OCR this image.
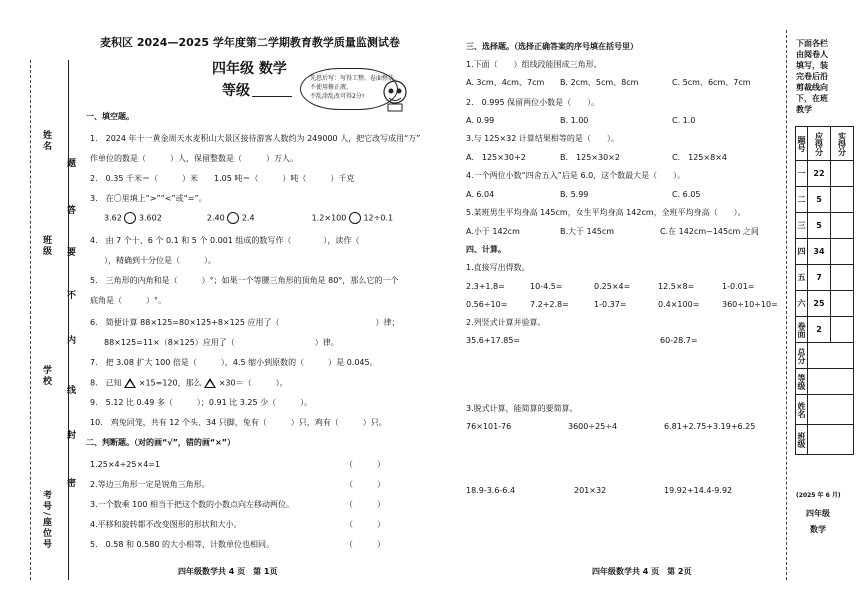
姓名
班级
学校
考号/座位号
题
答
要
不
内
线
封
密
麦积区 2024—2025 学年度第二学期教育教学质量监测试卷
四年级 数学
等级
先思后写：写得工整、卷面整洁，
不使用修正液、
不乱涂乱改可得2分!
一、填空题。
1.　2024 年十一黄金周天水麦积山大景区接待游客人数约为 249000 人，把它改写成用“万”
作单位的数是（　　　）人，保留整数是（　　　）万人。
2.　0.35 千米＝（　　　）米　　1.05 吨＝（　　　）吨（　　　）千克
3.　在〇里填上“>”“<”或“=”。
3.62 3.602	2.40 2.4	1.2×100 12÷0.1
4.　由 7 个十、6 个 0.1 和 5 个 0.001 组成的数写作（　　　　），读作（
），精确到十分位是（　　　）。
5.　三角形的内角和是（　　　）°；如果一个等腰三角形的顶角是 80°，那么它的一个
底角是（　　　）°。
6.　简便计算 88×125=80×125+8×125 应用了（　　　　　　　　　　　　）律；
88×125=11×（8×125）应用了（　　　　　　　　　　）律。
7.　把 3.08 扩大 100 倍是（　　　），4.5 缩小到原数的（　　　）是 0.045。
8.　已知 ×15=120，那么 ×30＝（　　　）。
9.　5.12 比 0.49 多（　　　）；0.91 比 3.25 少（　　　）。
10.　鸡兔同笼，共有 12 个头、34 只脚，兔有（　　　）只，鸡有（　　　）只。
二、判断题。（对的画“√”，错的画“×”）
1.25×4÷25×4=1
2.等边三角形一定是锐角三角形。
3.一个数乘 100 相当于把这个数的小数点向左移动两位。
4.平移和旋转都不改变图形的形状和大小。
5.　0.58 和 0.580 的大小相等，计数单位也相同。
（　　　）
（　　　）
（　　　）
（　　　）
（　　　）
四年级数学共 4 页　第 1页
三、选择题。（选择正确答案的序号填在括号里）
1.下面（　　）组线段能围成三角形。
A. 3cm、4cm、7cm B. 2cm、5cm、8cm	C. 5cm、6cm、7cm
2.　0.995 保留两位小数是（　　）。
A. 0.99	B. 1.00	C. 1.0
3.与 125×32 计算结果相等的是（　　）。
A.　125×30+2	B.　125×30×2	C.　125×8×4
4.一个两位小数“四舍五入”后是 6.0，这个数最大是（　　）。
A. 6.04	B. 5.99	C. 6.05
5.某班男生平均身高 145cm，女生平均身高 142cm，全班平均身高（　　）。
A.小于 142cm	B.大于 145cm	C.在 142cm~145cm 之间
四、计算。
1.直接写出得数。
2.3+1.8=	10-4.5=	0.25×4=	12.5×8=	1-0.01=
0.56÷10=	7.2+2.8=	1-0.37=	0.4×100=	360÷10÷10=
2.列竖式计算并验算。
35.6+17.85=	60-28.7=
3.脱式计算，能简算的要简算。
76×101-76	3600÷25÷4	6.81+2.75+3.19+6.25
18.9-3.6-6.4	201×32	19.92+14.4-9.92
四年级数学共 4 页　第 2页
下面各栏
由阅卷人
填写，装
完卷后沿
剪裁线向
下，在班
教学
题号	应得分	实得分
一	22	
二	5	
三	5	
四	34	
五	7	
六	25	
卷面	2	
总分		
等级		
姓名		
班级		
(2025 年 6 月)
四年级
数学
